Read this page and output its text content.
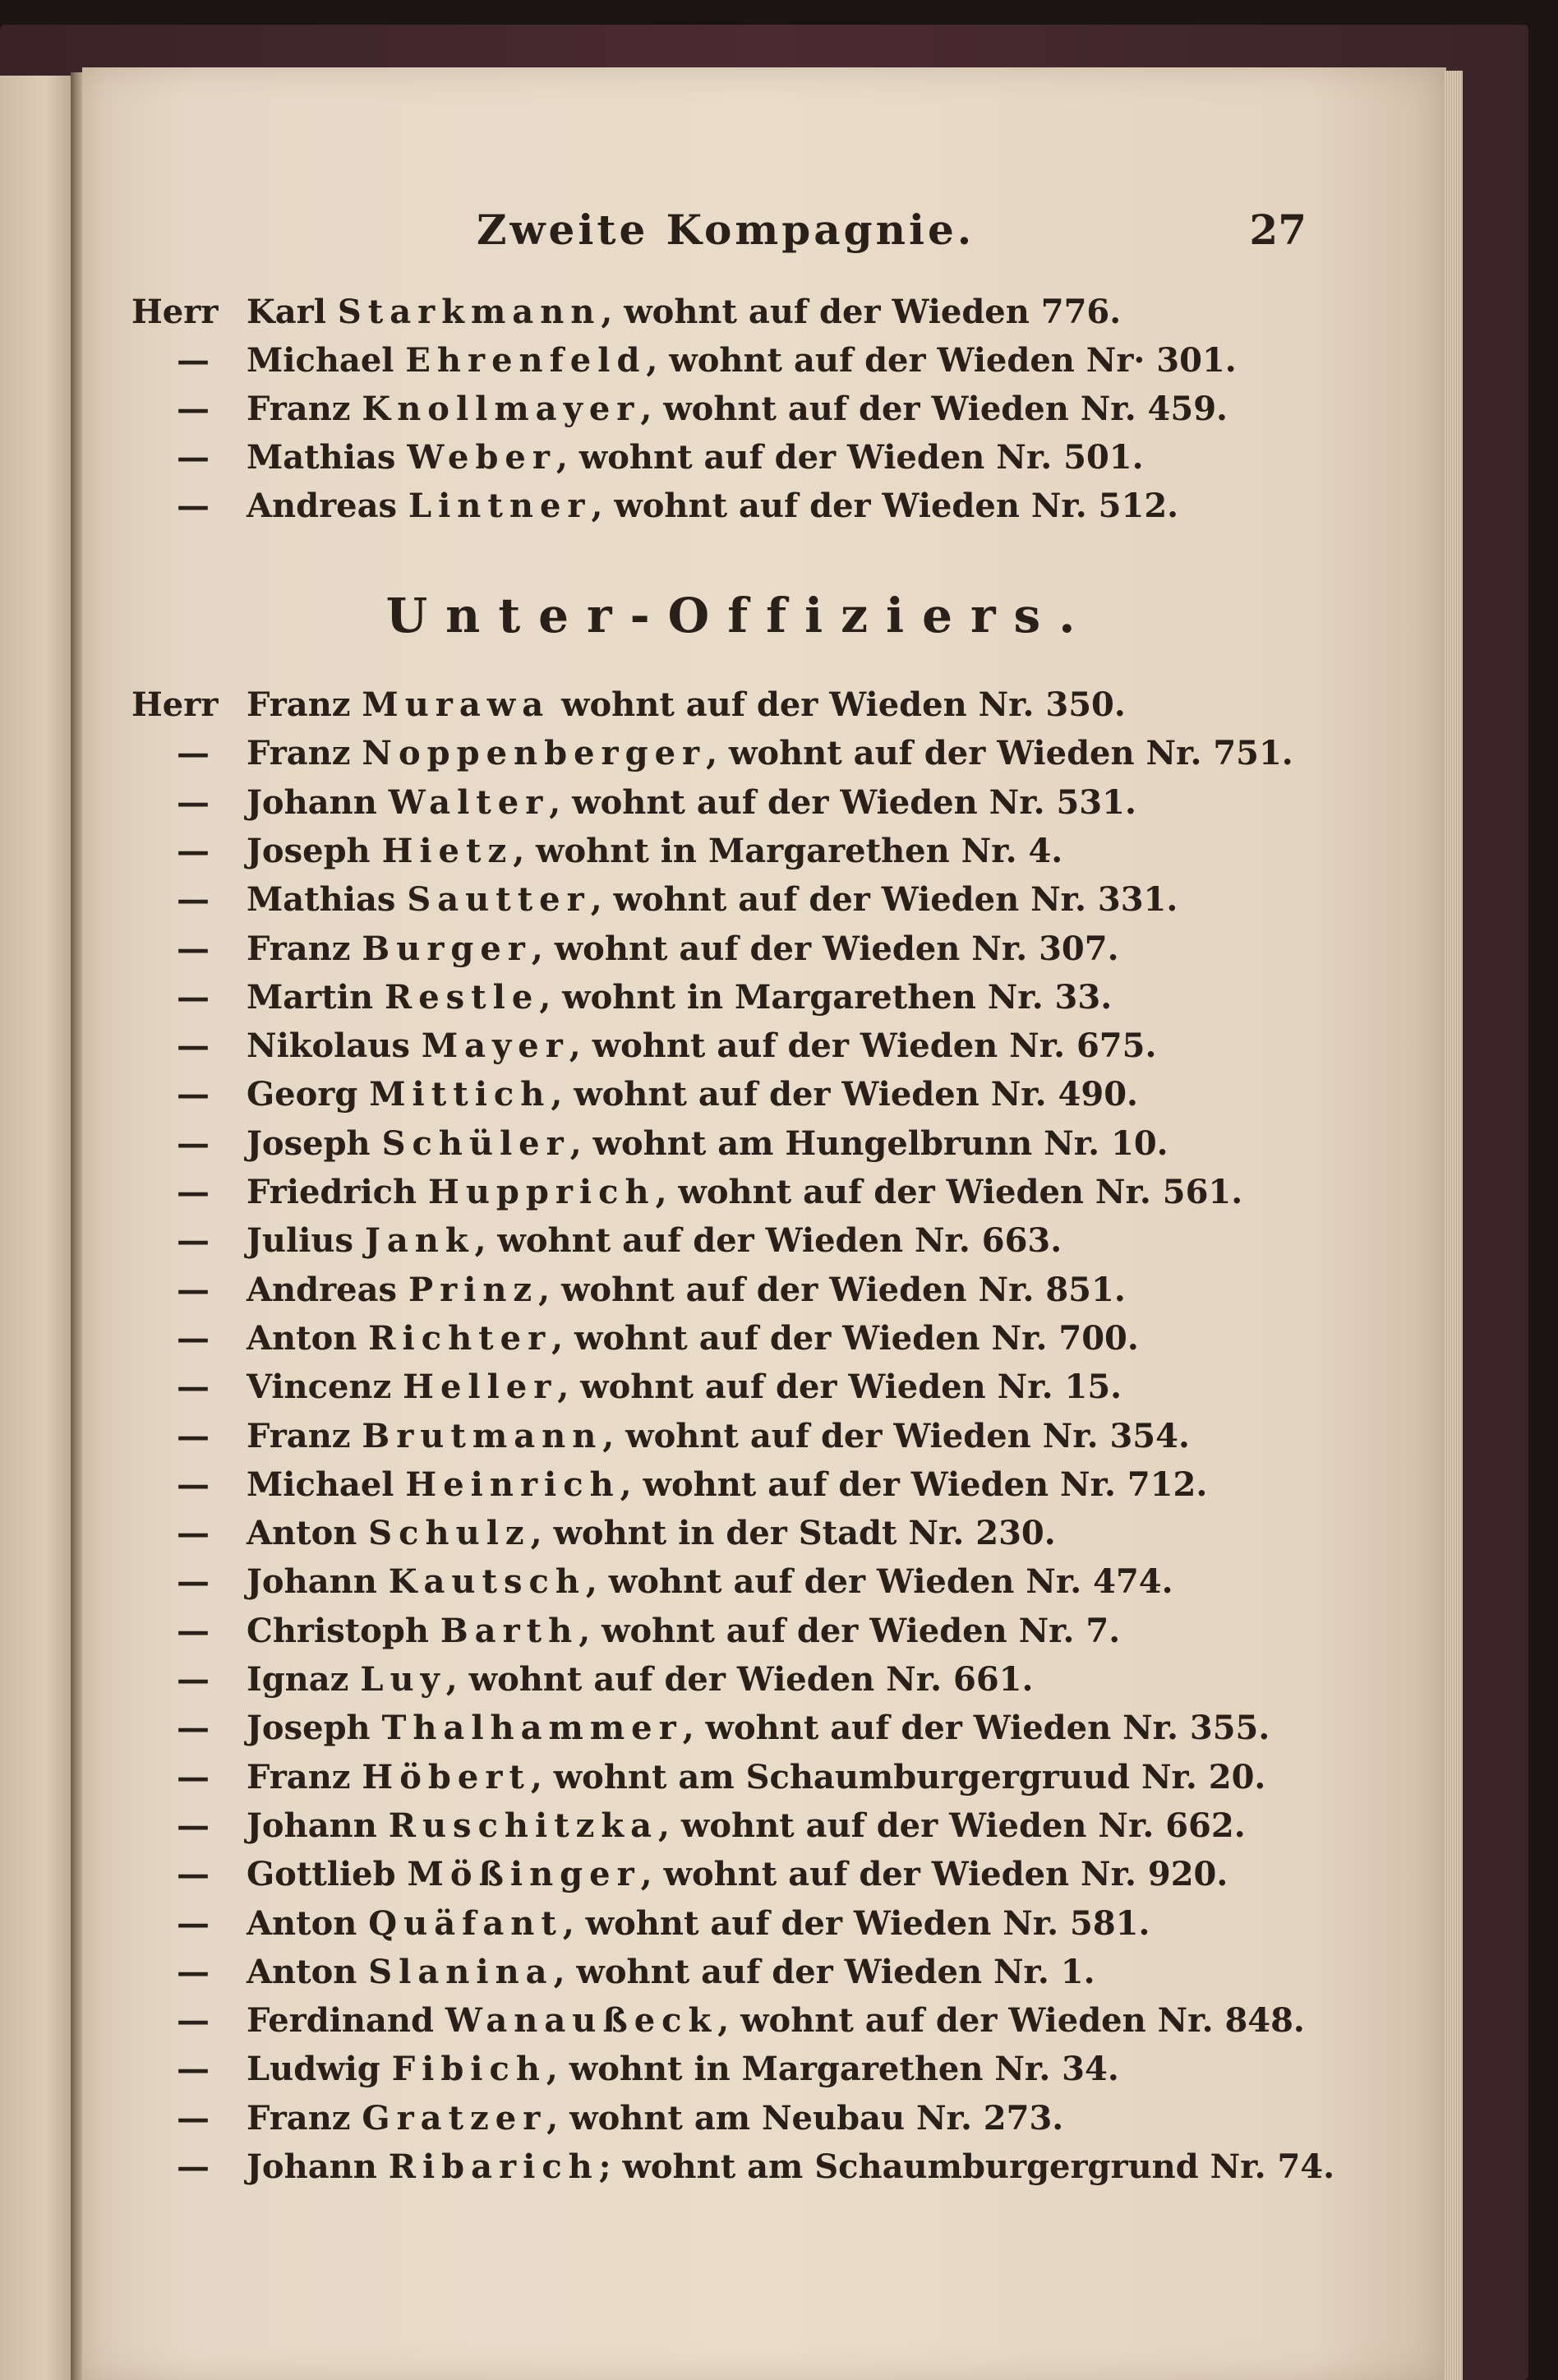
Zweite Kompagnie.	27
Herr Karl Starkmann, wohnt auf der Wieden 776.
— Michael Ehrenfeld, wohnt auf der Wieden Nr· 301.
— Franz Knollmayer, wohnt auf der Wieden Nr. 459.
— Mathias Weber, wohnt auf der Wieden Nr. 501.
— Andreas Lintner, wohnt auf der Wieden Nr. 512.
Unter-Offiziers.
Herr Franz Murawa wohnt auf der Wieden Nr. 350.
— Franz Noppenberger, wohnt auf der Wieden Nr. 751.
— Johann Walter, wohnt auf der Wieden Nr. 531.
— Joseph Hietz, wohnt in Margarethen Nr. 4.
— Mathias Sautter, wohnt auf der Wieden Nr. 331.
— Franz Burger, wohnt auf der Wieden Nr. 307.
— Martin Restle, wohnt in Margarethen Nr. 33.
— Nikolaus Mayer, wohnt auf der Wieden Nr. 675.
— Georg Mittich, wohnt auf der Wieden Nr. 490.
— Joseph Schüler, wohnt am Hungelbrunn Nr. 10.
— Friedrich Hupprich, wohnt auf der Wieden Nr. 561.
— Julius Jank, wohnt auf der Wieden Nr. 663.
— Andreas Prinz, wohnt auf der Wieden Nr. 851.
— Anton Richter, wohnt auf der Wieden Nr. 700.
— Vincenz Heller, wohnt auf der Wieden Nr. 15.
— Franz Brutmann, wohnt auf der Wieden Nr. 354.
— Michael Heinrich, wohnt auf der Wieden Nr. 712.
— Anton Schulz, wohnt in der Stadt Nr. 230.
— Johann Kautsch, wohnt auf der Wieden Nr. 474.
— Christoph Barth, wohnt auf der Wieden Nr. 7.
— Ignaz Luy, wohnt auf der Wieden Nr. 661.
— Joseph Thalhammer, wohnt auf der Wieden Nr. 355.
— Franz Höbert, wohnt am Schaumburgergruud Nr. 20.
— Johann Ruschitzka, wohnt auf der Wieden Nr. 662.
— Gottlieb Mößinger, wohnt auf der Wieden Nr. 920.
— Anton Quäfant, wohnt auf der Wieden Nr. 581.
— Anton Slanina, wohnt auf der Wieden Nr. 1.
— Ferdinand Wanaußeck, wohnt auf der Wieden Nr. 848.
— Ludwig Fibich, wohnt in Margarethen Nr. 34.
— Franz Gratzer, wohnt am Neubau Nr. 273.
— Johann Ribarich; wohnt am Schaumburgergrund Nr. 74.
